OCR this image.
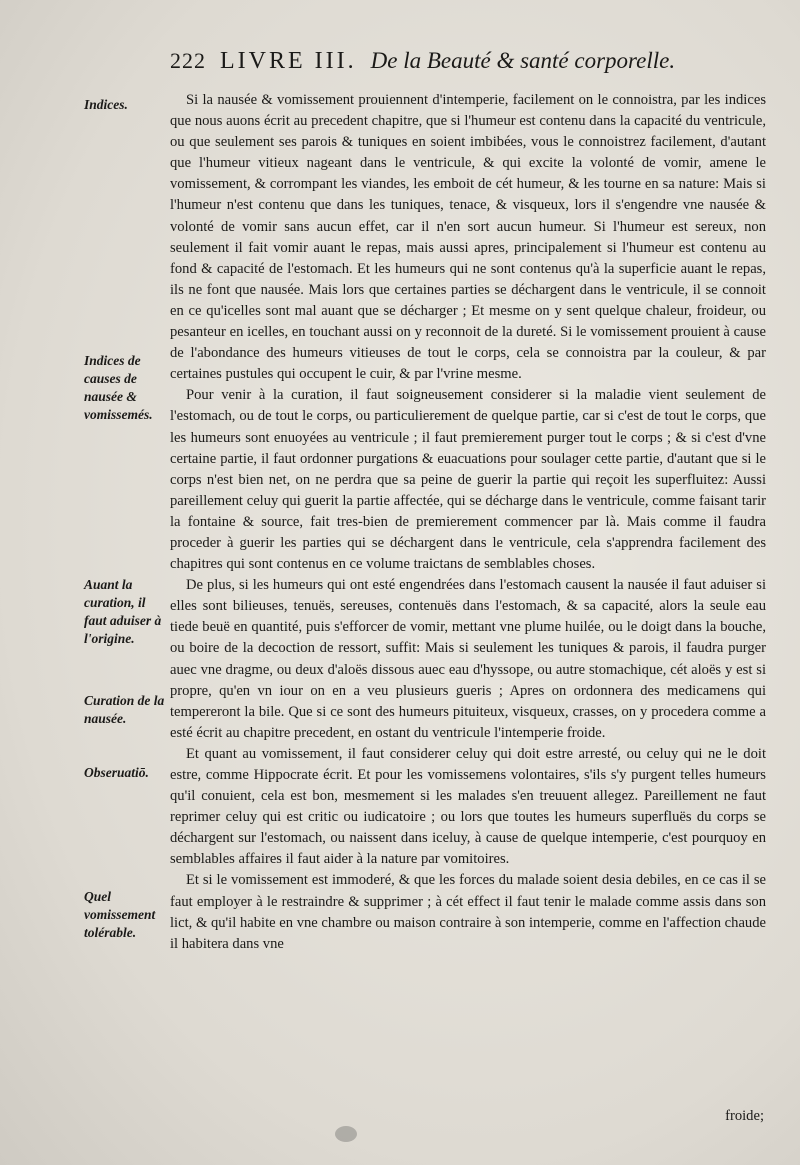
222 LIVRE III. De la Beauté & santé corporelle.
Indices.
Indices de causes de nausée & vomissemés.
Auant la curation, il faut aduiser à l'origine.
Curation de la nausée.
Obseruatiō.
Quel vomissement tolérable.

Si la nausée & vomissement prouiennent d'intemperie, facilement on le connoistra, par les indices que nous auons écrit au precedent chapitre, que si l'humeur est contenu dans la capacité du ventricule, ou que seulement ses parois & tuniques en soient imbibées, vous le connoistrez facilement, d'autant que l'humeur vitieux nageant dans le ventricule, & qui excite la volonté de vomir, amene le vomissement, & corrompant les viandes, les emboit de cét humeur, & les tourne en sa nature: Mais si l'humeur n'est contenu que dans les tuniques, tenace, & visqueux, lors il s'engendre vne nausée & volonté de vomir sans aucun effet, car il n'en sort aucun humeur. Si l'humeur est sereux, non seulement il fait vomir auant le repas, mais aussi apres, principalement si l'humeur est contenu au fond & capacité de l'estomach. Et les humeurs qui ne sont contenus qu'à la superficie auant le repas, ils ne font que nausée. Mais lors que certaines parties se déchargent dans le ventricule, il se connoit en ce qu'icelles sont mal auant que se décharger ; Et mesme on y sent quelque chaleur, froideur, ou pesanteur en icelles, en touchant aussi on y reconnoit de la dureté. Si le vomissement prouient à cause de l'abondance des humeurs vitieuses de tout le corps, cela se connoistra par la couleur, & par certaines pustules qui occupent le cuir, & par l'vrine mesme.

Pour venir à la curation, il faut soigneusement considerer si la maladie vient seulement de l'estomach, ou de tout le corps, ou particulierement de quelque partie, car si c'est de tout le corps, que les humeurs sont enuoyées au ventricule ; il faut premierement purger tout le corps ; & si c'est d'vne certaine partie, il faut ordonner purgations & euacuations pour soulager cette partie, d'autant que si le corps n'est bien net, on ne perdra que sa peine de guerir la partie qui reçoit les superfluitez: Aussi pareillement celuy qui guerit la partie affectée, qui se décharge dans le ventricule, comme faisant tarir la fontaine & source, fait tres-bien de premierement commencer par là. Mais comme il faudra proceder à guerir les parties qui se déchargent dans le ventricule, cela s'apprendra facilement des chapitres qui sont contenus en ce volume traictans de semblables choses.

De plus, si les humeurs qui ont esté engendrées dans l'estomach causent la nausée il faut aduiser si elles sont bilieuses, tenuës, sereuses, contenuës dans l'estomach, & sa capacité, alors la seule eau tiede beuë en quantité, puis s'efforcer de vomir, mettant vne plume huilée, ou le doigt dans la bouche, ou boire de la decoction de ressort, suffit: Mais si seulement les tuniques & parois, il faudra purger auec vne dragme, ou deux d'aloës dissous auec eau d'hyssope, ou autre stomachique, cét aloës y est si propre, qu'en vn iour on en a veu plusieurs gueris ; Apres on ordonnera des medicamens qui tempereront la bile. Que si ce sont des humeurs pituiteux, visqueux, crasses, on y procedera comme a esté écrit au chapitre precedent, en ostant du ventricule l'intemperie froide.

Et quant au vomissement, il faut considerer celuy qui doit estre arresté, ou celuy qui ne le doit estre, comme Hippocrate écrit. Et pour les vomissemens volontaires, s'ils s'y purgent telles humeurs qu'il conuient, cela est bon, mesmement si les malades s'en treuuent allegez. Pareillement ne faut reprimer celuy qui est critic ou iudicatoire ; ou lors que toutes les humeurs superfluës du corps se déchargent sur l'estomach, ou naissent dans iceluy, à cause de quelque intemperie, c'est pourquoy en semblables affaires il faut aider à la nature par vomitoires.

Et si le vomissement est immoderé, & que les forces du malade soient desia debiles, en ce cas il se faut employer à le restraindre & supprimer ; à cét effect il faut tenir le malade comme assis dans son lict, & qu'il habite en vne chambre ou maison contraire à son intemperie, comme en l'affection chaude il habitera dans vne

froide;
